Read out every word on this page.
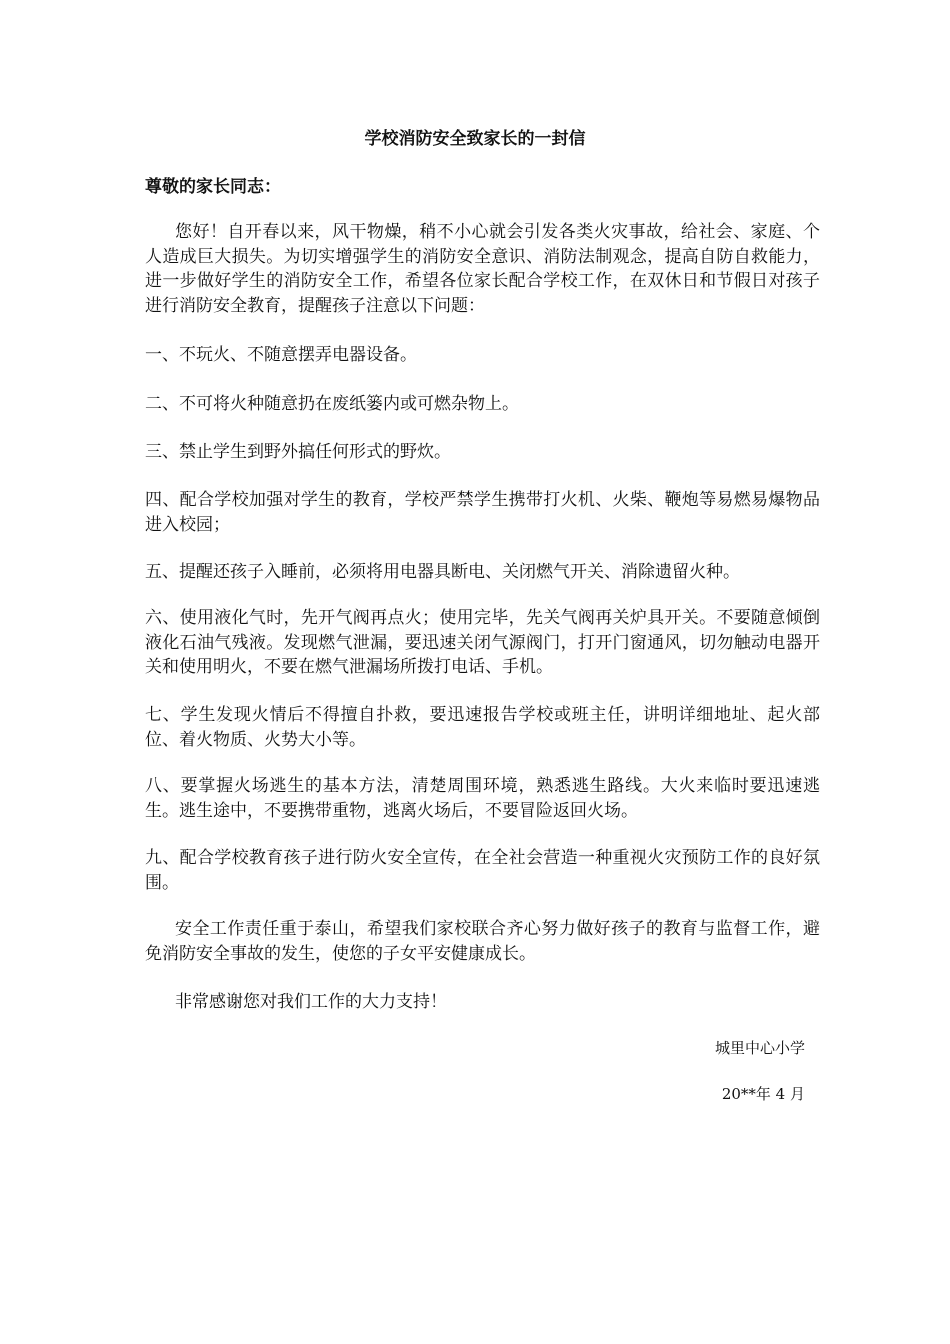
学校消防安全致家长的一封信
尊敬的家长同志：

您好！自开春以来，风干物燥，稍不小心就会引发各类火灾事故，给社会、家庭、个人造成巨大损失。为切实增强学生的消防安全意识、消防法制观念，提高自防自救能力，进一步做好学生的消防安全工作，希望各位家长配合学校工作，在双休日和节假日对孩子进行消防安全教育，提醒孩子注意以下问题：

一、不玩火、不随意摆弄电器设备。

二、不可将火种随意扔在废纸篓内或可燃杂物上。

三、禁止学生到野外搞任何形式的野炊。

四、配合学校加强对学生的教育，学校严禁学生携带打火机、火柴、鞭炮等易燃易爆物品进入校园；

五、提醒还孩子入睡前，必须将用电器具断电、关闭燃气开关、消除遗留火种。

六、使用液化气时，先开气阀再点火；使用完毕，先关气阀再关炉具开关。不要随意倾倒液化石油气残液。发现燃气泄漏，要迅速关闭气源阀门，打开门窗通风，切勿触动电器开关和使用明火，不要在燃气泄漏场所拨打电话、手机。

七、学生发现火情后不得擅自扑救，要迅速报告学校或班主任，讲明详细地址、起火部位、着火物质、火势大小等。

八、要掌握火场逃生的基本方法，清楚周围环境，熟悉逃生路线。大火来临时要迅速逃生。逃生途中，不要携带重物，逃离火场后，不要冒险返回火场。

九、配合学校教育孩子进行防火安全宣传，在全社会营造一种重视火灾预防工作的良好氛围。

安全工作责任重于泰山，希望我们家校联合齐心努力做好孩子的教育与监督工作，避免消防安全事故的发生，使您的子女平安健康成长。

非常感谢您对我们工作的大力支持！

城里中心小学
20**年 4 月
